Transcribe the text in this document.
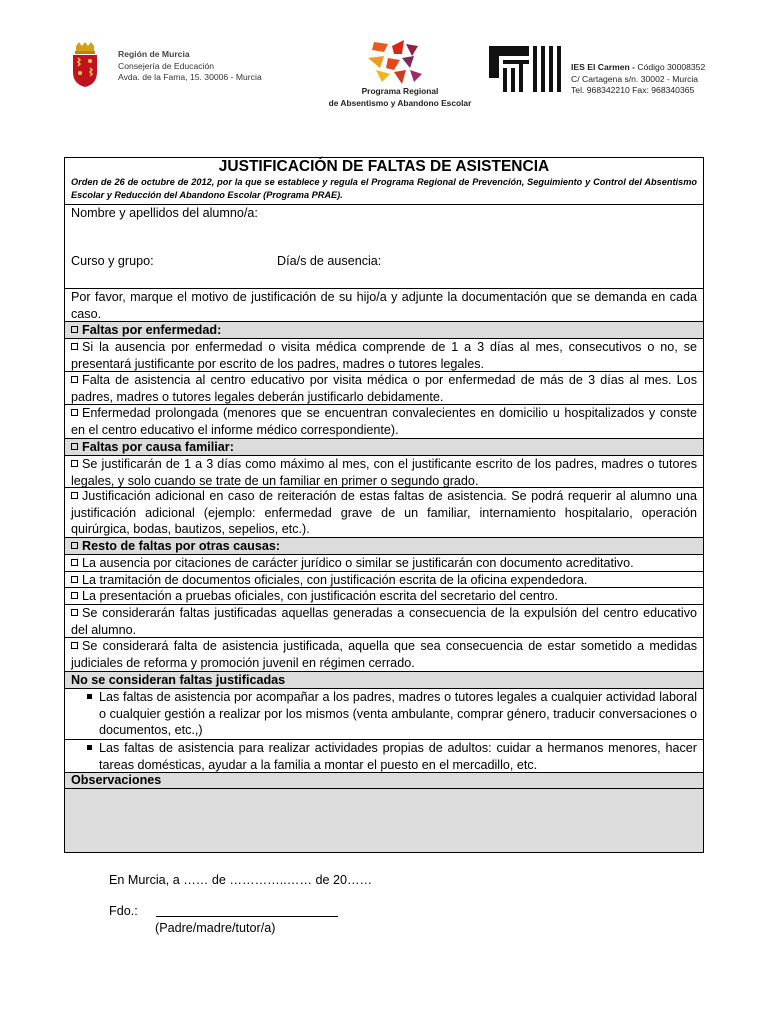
Región de Murcia
Consejería de Educación
Avda. de la Fama, 15. 30006 - Murcia
Programa Regional
de Absentismo y Abandono Escolar
IES El Carmen - Código 30008352
C/ Cartagena s/n. 30002 - Murcia
Tel. 968342210 Fax: 968340365
JUSTIFICACIÓN DE FALTAS DE ASISTENCIA
Orden de 26 de octubre de 2012, por la que se establece y regula el Programa Regional de Prevención, Seguimiento y Control del Absentismo Escolar y Reducción del Abandono Escolar (Programa PRAE).
Nombre y apellidos del alumno/a:
Curso y grupo:	Día/s de ausencia:
Por favor, marque el motivo de justificación de su hijo/a y adjunte la documentación que se demanda en cada caso.
Faltas por enfermedad:
Si la ausencia por enfermedad o visita médica comprende de 1 a 3 días al mes, consecutivos o no, se presentará justificante por escrito de los padres, madres o tutores legales.
Falta de asistencia al centro educativo por visita médica o por enfermedad de más de 3 días al mes. Los padres, madres o tutores legales deberán justificarlo debidamente.
Enfermedad prolongada (menores que se encuentran convalecientes en domicilio u hospitalizados y conste en el centro educativo el informe médico correspondiente).
Faltas por causa familiar:
Se justificarán de 1 a 3 días como máximo al mes, con el justificante escrito de los padres, madres o tutores legales, y solo cuando se trate de un familiar en primer o segundo grado.
Justificación adicional en caso de reiteración de estas faltas de asistencia. Se podrá requerir al alumno una justificación adicional (ejemplo: enfermedad grave de un familiar, internamiento hospitalario, operación quirúrgica, bodas, bautizos, sepelios, etc.).
Resto de faltas por otras causas:
La ausencia por citaciones de carácter jurídico o similar se justificarán con documento acreditativo.
La tramitación de documentos oficiales, con justificación escrita de la oficina expendedora.
La presentación a pruebas oficiales, con justificación escrita del secretario del centro.
Se considerarán faltas justificadas aquellas generadas a consecuencia de la expulsión del centro educativo del alumno.
Se considerará falta de asistencia justificada, aquella que sea consecuencia de estar sometido a medidas judiciales de reforma y promoción juvenil en régimen cerrado.
No se consideran faltas justificadas
Las faltas de asistencia por acompañar a los padres, madres o tutores legales a cualquier actividad laboral o cualquier gestión a realizar por los mismos (venta ambulante, comprar género, traducir conversaciones o documentos, etc.,)
Las faltas de asistencia para realizar actividades propias de adultos: cuidar a hermanos menores, hacer tareas domésticas, ayudar a la familia a montar el puesto en el mercadillo, etc.
Observaciones
En Murcia, a …… de …………..…… de 20……
Fdo.:
(Padre/madre/tutor/a)
